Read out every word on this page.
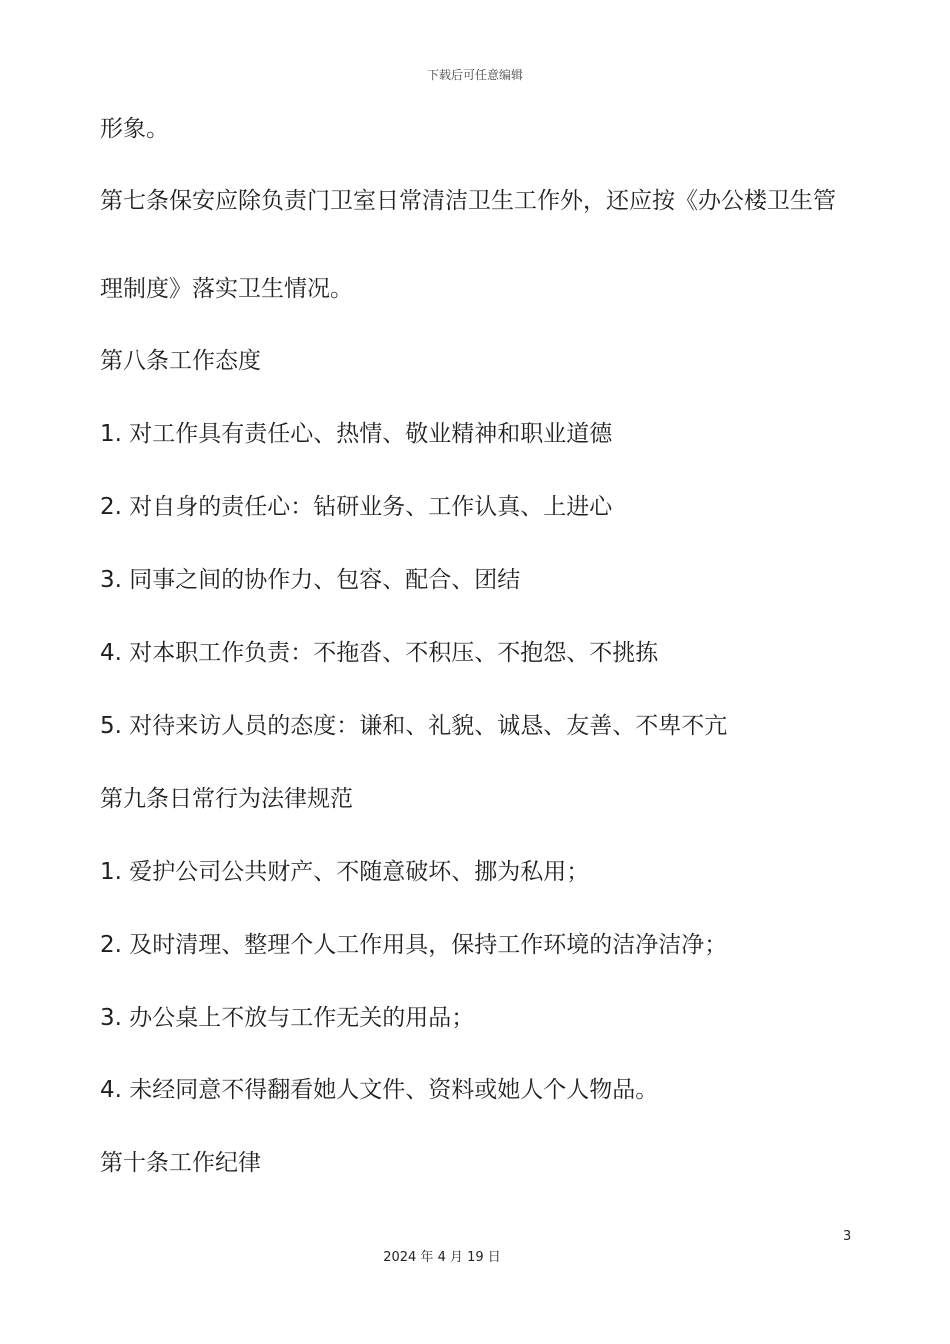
下载后可任意编辑
形象。
第七条保安应除负责门卫室日常清洁卫生工作外，还应按《办公楼卫生管
理制度》落实卫生情况。
第八条工作态度
1. 对工作具有责任心、热情、敬业精神和职业道德
2. 对自身的责任心：钻研业务、工作认真、上进心
3. 同事之间的协作力、包容、配合、团结
4. 对本职工作负责：不拖沓、不积压、不抱怨、不挑拣
5. 对待来访人员的态度：谦和、礼貌、诚恳、友善、不卑不亢
第九条日常行为法律规范
1. 爱护公司公共财产、不随意破坏、挪为私用；
2. 及时清理、整理个人工作用具，保持工作环境的洁净洁净；
3. 办公桌上不放与工作无关的用品；
4. 未经同意不得翻看她人文件、资料或她人个人物品。
第十条工作纪律
3
2024 年 4 月 19 日
